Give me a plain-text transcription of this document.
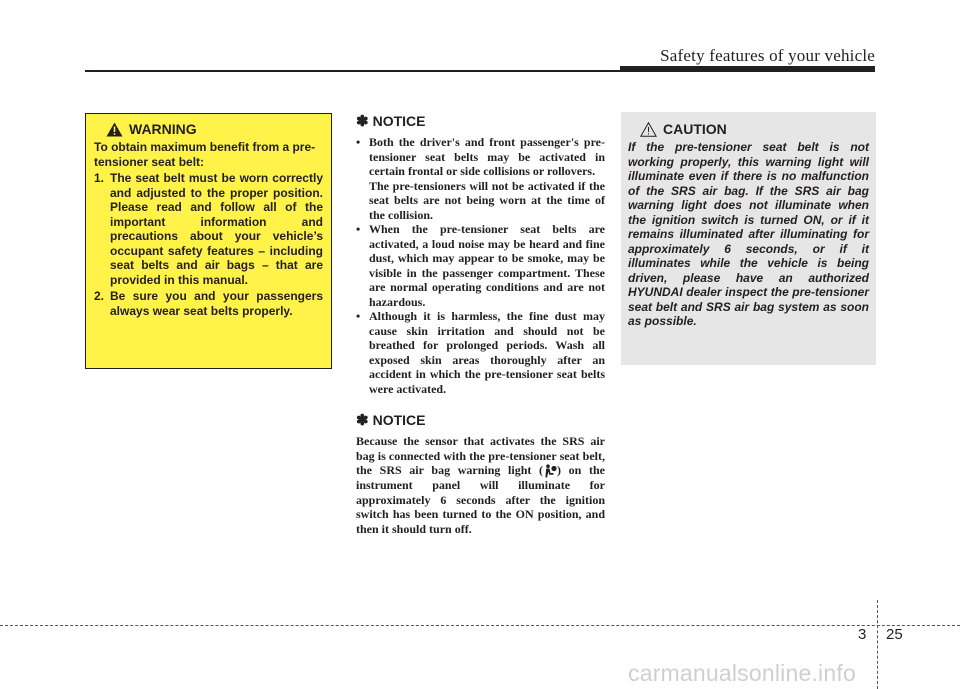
Safety features of your vehicle
WARNING

To obtain maximum benefit from a pre-tensioner seat belt:

1. The seat belt must be worn correctly and adjusted to the proper position. Please read and follow all of the important information and precautions about your vehicle’s occupant safety features – including seat belts and air bags – that are provided in this manual.
2. Be sure you and your passengers always wear seat belts properly.
✽ NOTICE
• Both the driver's and front passenger's pre-tensioner seat belts may be activated in certain frontal or side collisions or rollovers.

The pre-tensioners will not be activated if the seat belts are not being worn at the time of the collision.

• When the pre-tensioner seat belts are activated, a loud noise may be heard and fine dust, which may appear to be smoke, may be visible in the passenger compartment. These are normal operating conditions and are not hazardous.
• Although it is harmless, the fine dust may cause skin irritation and should not be breathed for prolonged periods. Wash all exposed skin areas thoroughly after an accident in which the pre-tensioner seat belts were activated.
✽ NOTICE

Because the sensor that activates the SRS air bag is connected with the pre-tensioner seat belt, the SRS air bag warning light ( ) on the instrument panel will illuminate for approximately 6 seconds after the ignition switch has been turned to the ON position, and then it should turn off.

CAUTION

If the pre-tensioner seat belt is not working properly, this warning light will illuminate even if there is no malfunction of the SRS air bag. If the SRS air bag warning light does not illuminate when the ignition switch is turned ON, or if it remains illuminated after illuminating for approximately 6 seconds, or if it illuminates while the vehicle is being driven, please have an authorized HYUNDAI dealer inspect the pre-tensioner seat belt and SRS air bag system as soon as possible.

3 25
carmanualsonline.info
